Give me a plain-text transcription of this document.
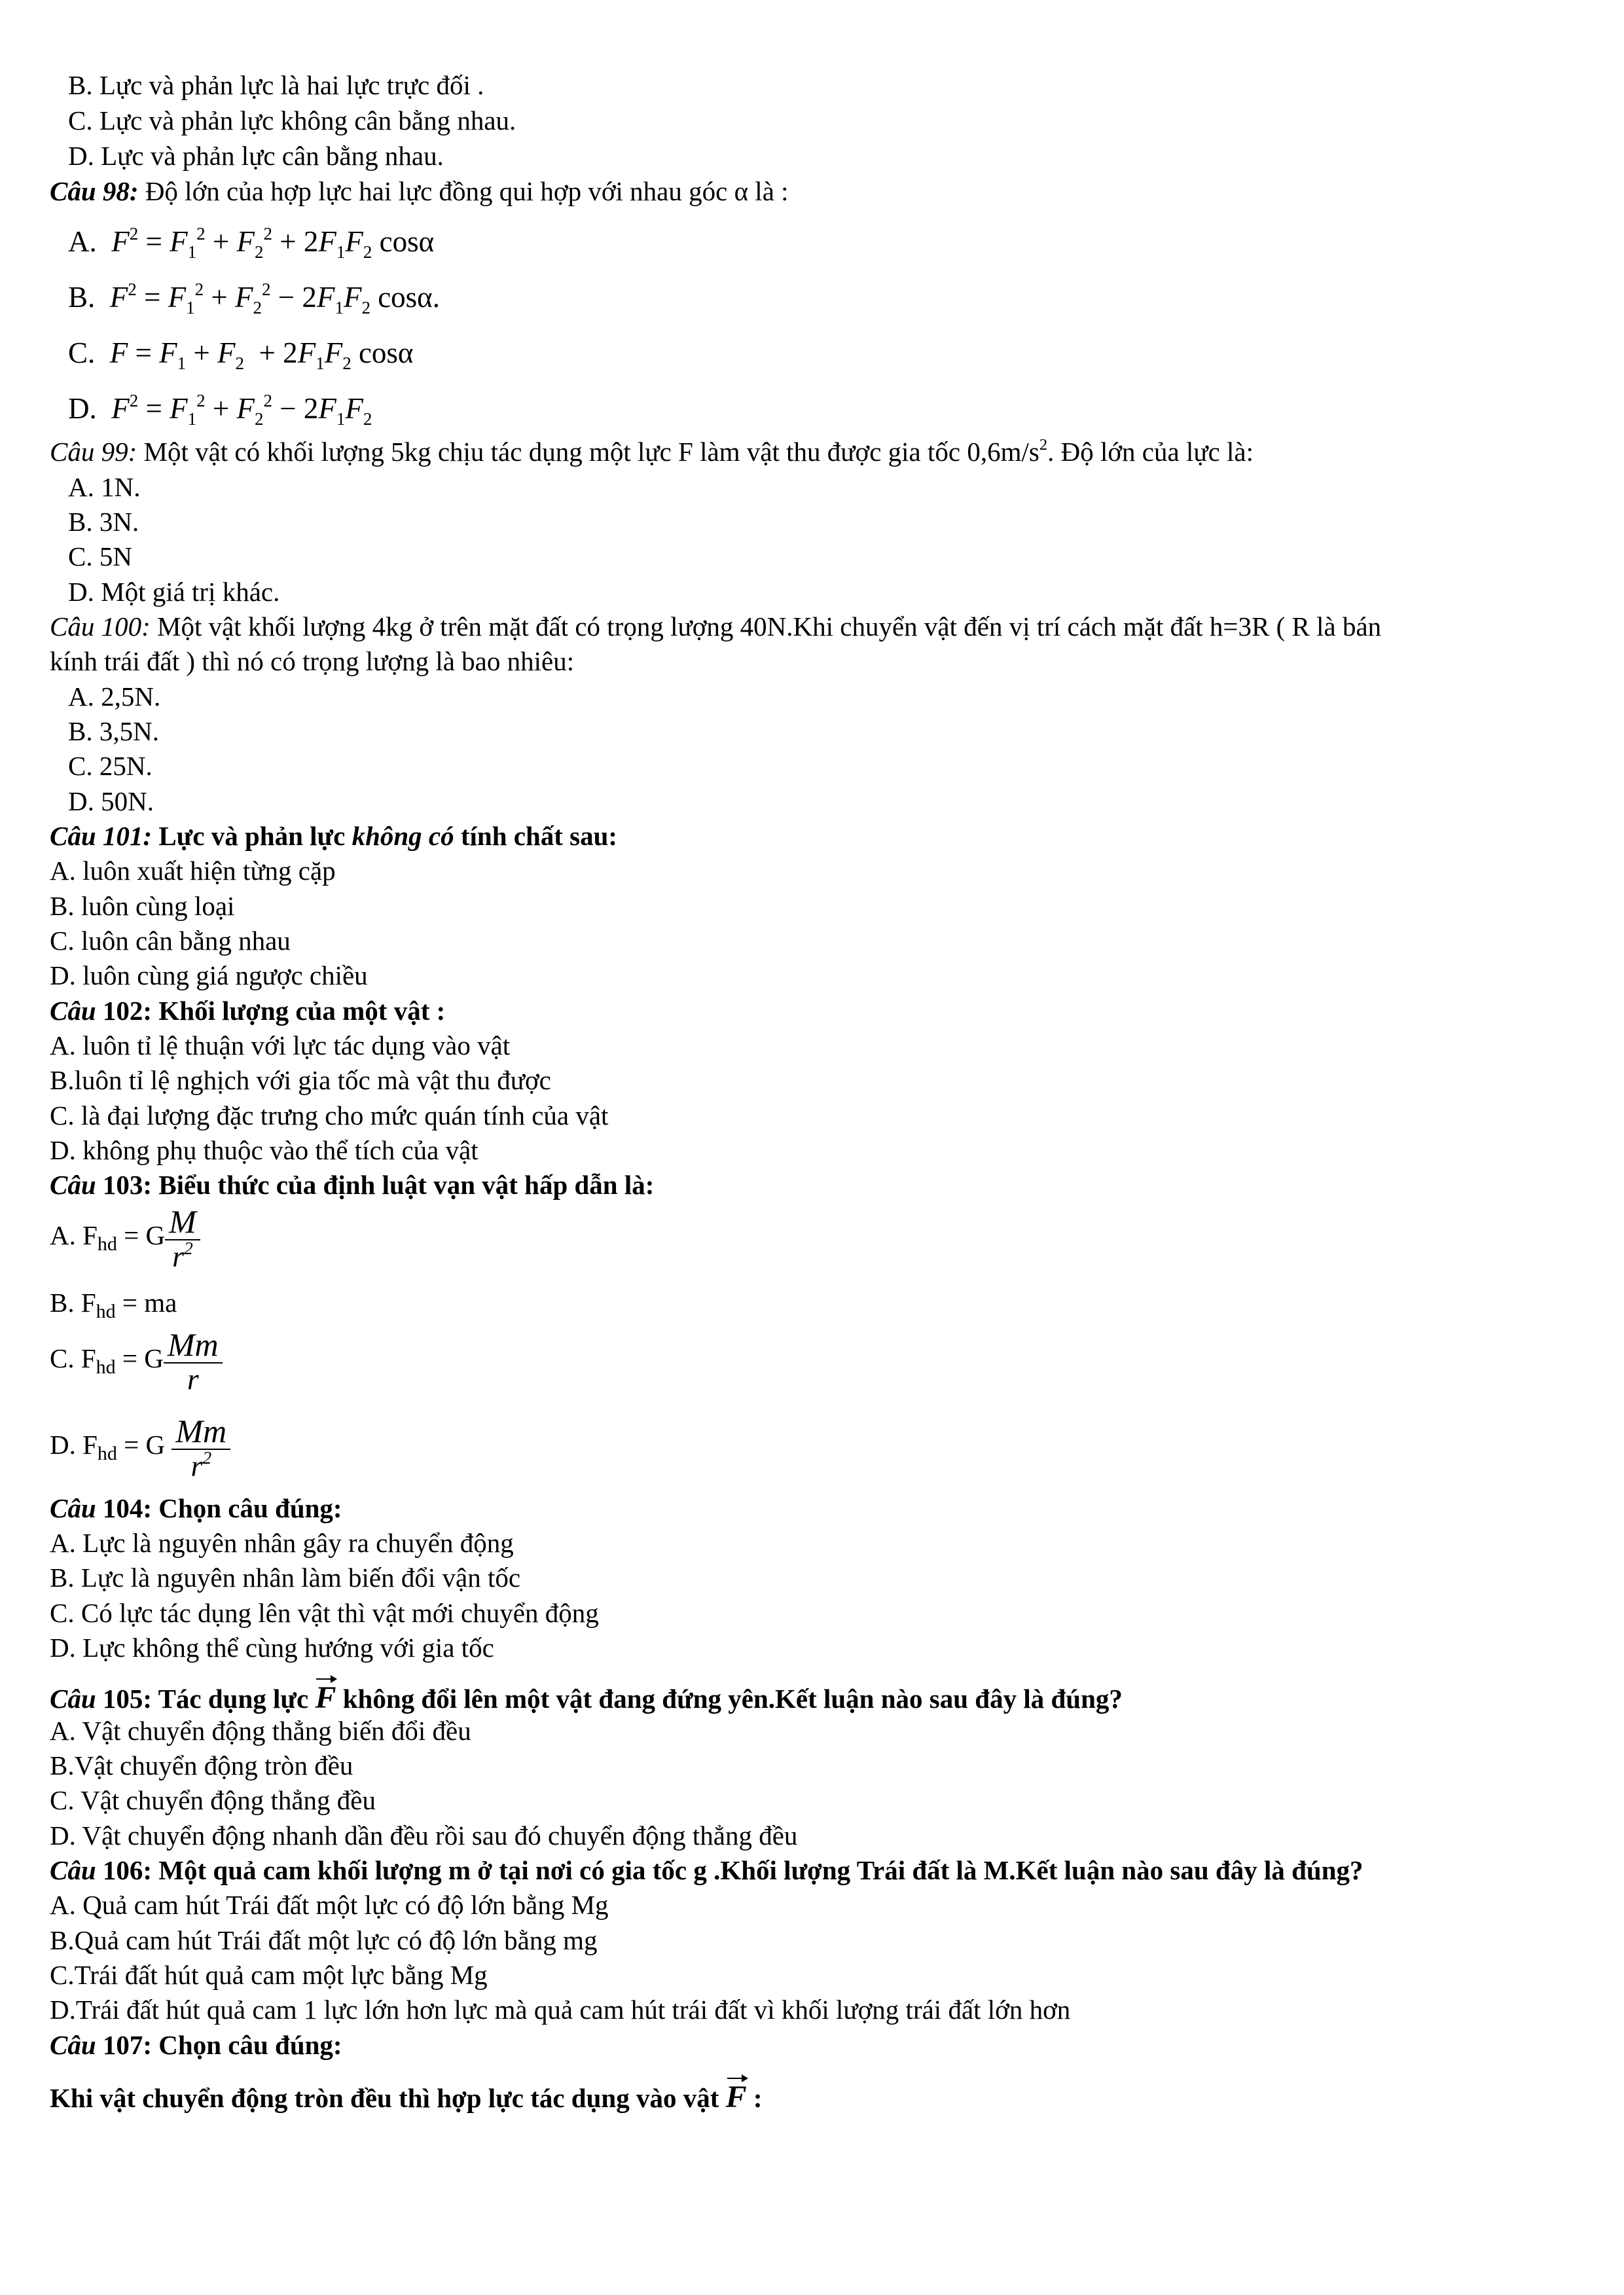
B. Lực và phản lực là hai lực trực đối .
C. Lực và phản lực không cân bằng nhau.
D. Lực và phản lực cân bằng nhau.
Câu 98: Độ lớn của hợp lực hai lực đồng qui hợp với nhau góc α là :
A. $F^2 = F_1^2 + F_2^2 + 2F_1F_2$ cosα
B. $F^2 = F_1^2 + F_2^2 - 2F_1F_2$ cosα.
C. $F = F_1 + F_2 + 2F_1F_2$ cosα
D. $F^2 = F_1^2 + F_2^2 - 2F_1F_2$
Câu 99: Một vật có khối lượng 5kg chịu tác dụng một lực F làm vật thu được gia tốc $0,6m/s^2$. Độ lớn của lực là:
A. 1N.
B. 3N.
C. 5N
D. Một giá trị khác.
Câu 100: Một vật khối lượng 4kg ở trên mặt đất có trọng lượng 40N.Khi chuyển vật đến vị trí cách mặt đất h=3R ( R là bán
kính trái đất ) thì nó có trọng lượng là bao nhiêu:
A. 2,5N.
B. 3,5N.
C. 25N.
D. 50N.
Câu 101: Lực và phản lực không có tính chất sau:
A. luôn xuất hiện từng cặp
B. luôn cùng loại
C. luôn cân bằng nhau
D. luôn cùng giá ngược chiều
Câu 102: Khối lượng của một vật :
A. luôn tỉ lệ thuận với lực tác dụng vào vật
B.luôn tỉ lệ nghịch với gia tốc mà vật thu được
C. là đại lượng đặc trưng cho mức quán tính của vật
D. không phụ thuộc vào thể tích của vật
Câu 103: Biểu thức của định luật vạn vật hấp dẫn là:
A. $F_{hd} = G \frac{M}{r^2}$
B. $F_{hd}$ = ma
C. $F_{hd} = G \frac{Mm}{r}$
D. $F_{hd} = G \frac{Mm}{r^2}$
Câu 104: Chọn câu đúng:
A. Lực là nguyên nhân gây ra chuyển động
B. Lực là nguyên nhân làm biến đổi vận tốc
C. Có lực tác dụng lên vật thì vật mới chuyển động
D. Lực không thể cùng hướng với gia tốc
Câu 105: Tác dụng lực F không đổi lên một vật đang đứng yên.Kết luận nào sau đây là đúng?
A. Vật chuyển động thẳng biến đổi đều
B.Vật chuyển động tròn đều
C. Vật chuyển động thẳng đều
D. Vật chuyển động nhanh dần đều rồi sau đó chuyển động thẳng đều
Câu 106: Một quả cam khối lượng m ở tại nơi có gia tốc g .Khối lượng Trái đất là M.Kết luận nào sau đây là đúng?
A. Quả cam hút Trái đất một lực có độ lớn bằng Mg
B.Quả cam hút Trái đất một lực có độ lớn bằng mg
C.Trái đất hút quả cam một lực bằng Mg
D.Trái đất hút quả cam 1 lực lớn hơn lực mà quả cam hút trái đất vì khối lượng trái đất lớn hơn
Câu 107: Chọn câu đúng:
Khi vật chuyển động tròn đều thì hợp lực tác dụng vào vật F :
